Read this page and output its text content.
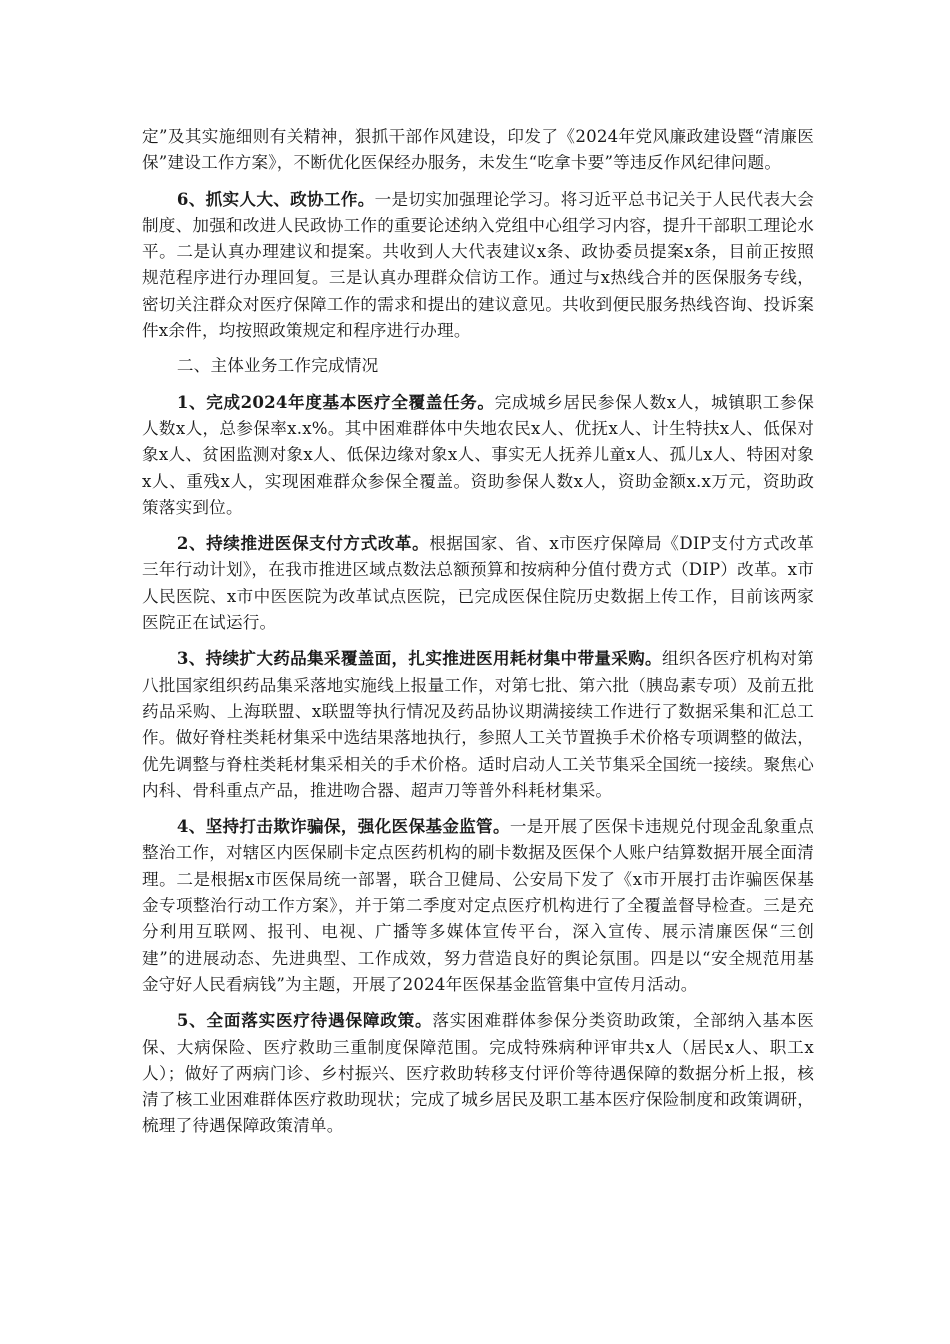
定”及其实施细则有关精神，狠抓干部作风建设，印发了《2024年党风廉政建设暨“清廉医保”建设工作方案》，不断优化医保经办服务，未发生“吃拿卡要”等违反作风纪律问题。

6、抓实人大、政协工作。一是切实加强理论学习。将习近平总书记关于人民代表大会制度、加强和改进人民政协工作的重要论述纳入党组中心组学习内容，提升干部职工理论水平。二是认真办理建议和提案。共收到人大代表建议x条、政协委员提案x条，目前正按照规范程序进行办理回复。三是认真办理群众信访工作。通过与x热线合并的医保服务专线，密切关注群众对医疗保障工作的需求和提出的建议意见。共收到便民服务热线咨询、投诉案件x余件，均按照政策规定和程序进行办理。

二、主体业务工作完成情况

1、完成2024年度基本医疗全覆盖任务。完成城乡居民参保人数x人，城镇职工参保人数x人，总参保率x.x%。其中困难群体中失地农民x人、优抚x人、计生特扶x人、低保对象x人、贫困监测对象x人、低保边缘对象x人、事实无人抚养儿童x人、孤儿x人、特困对象x人、重残x人，实现困难群众参保全覆盖。资助参保人数x人，资助金额x.x万元，资助政策落实到位。

2、持续推进医保支付方式改革。根据国家、省、x市医疗保障局《DIP支付方式改革三年行动计划》，在我市推进区域点数法总额预算和按病种分值付费方式（DIP）改革。x市人民医院、x市中医医院为改革试点医院，已完成医保住院历史数据上传工作，目前该两家医院正在试运行。

3、持续扩大药品集采覆盖面，扎实推进医用耗材集中带量采购。组织各医疗机构对第八批国家组织药品集采落地实施线上报量工作，对第七批、第六批（胰岛素专项）及前五批药品采购、上海联盟、x联盟等执行情况及药品协议期满接续工作进行了数据采集和汇总工作。做好脊柱类耗材集采中选结果落地执行，参照人工关节置换手术价格专项调整的做法，优先调整与脊柱类耗材集采相关的手术价格。适时启动人工关节集采全国统一接续。聚焦心内科、骨科重点产品，推进吻合器、超声刀等普外科耗材集采。

4、坚持打击欺诈骗保，强化医保基金监管。一是开展了医保卡违规兑付现金乱象重点整治工作，对辖区内医保刷卡定点医药机构的刷卡数据及医保个人账户结算数据开展全面清理。二是根据x市医保局统一部署，联合卫健局、公安局下发了《x市开展打击诈骗医保基金专项整治行动工作方案》，并于第二季度对定点医疗机构进行了全覆盖督导检查。三是充分利用互联网、报刊、电视、广播等多媒体宣传平台，深入宣传、展示清廉医保“三创建”的进展动态、先进典型、工作成效，努力营造良好的舆论氛围。四是以“安全规范用基金守好人民看病钱”为主题，开展了2024年医保基金监管集中宣传月活动。

5、全面落实医疗待遇保障政策。落实困难群体参保分类资助政策，全部纳入基本医保、大病保险、医疗救助三重制度保障范围。完成特殊病种评审共x人（居民x人、职工x人）；做好了两病门诊、乡村振兴、医疗救助转移支付评价等待遇保障的数据分析上报，核清了核工业困难群体医疗救助现状；完成了城乡居民及职工基本医疗保险制度和政策调研，梳理了待遇保障政策清单。
